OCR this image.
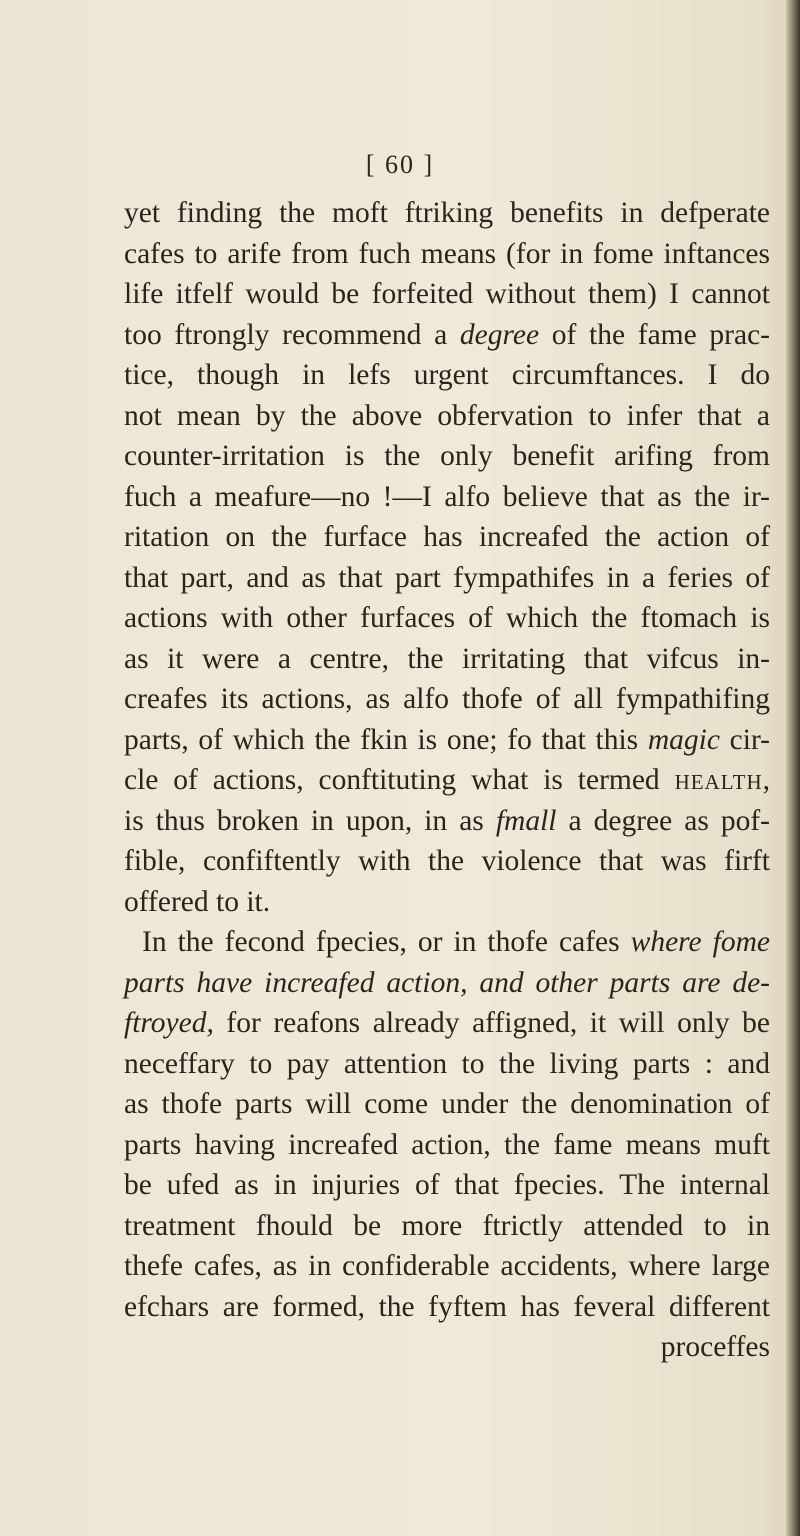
[ 60 ]
yet finding the moft ftriking benefits in defperate
cafes to arife from fuch means (for in fome inftances
life itfelf would be forfeited without them) I cannot
too ftrongly recommend a degree of the fame prac-
tice, though in lefs urgent circumftances. I do
not mean by the above obfervation to infer that a
counter-irritation is the only benefit arifing from
fuch a meafure—no !—I alfo believe that as the ir-
ritation on the furface has increafed the action of
that part, and as that part fympathifes in a feries of
actions with other furfaces of which the ftomach is
as it were a centre, the irritating that vifcus in-
creafes its actions, as alfo thofe of all fympathifing
parts, of which the fkin is one; fo that this magic cir-
cle of actions, conftituting what is termed health,
is thus broken in upon, in as fmall a degree as pof-
fible, confiftently with the violence that was firft
offered to it.
In the fecond fpecies, or in thofe cafes where fome
parts have increafed action, and other parts are de-
ftroyed, for reafons already affigned, it will only be
neceffary to pay attention to the living parts : and
as thofe parts will come under the denomination of
parts having increafed action, the fame means muft
be ufed as in injuries of that fpecies. The internal
treatment fhould be more ftrictly attended to in
thefe cafes, as in confiderable accidents, where large
efchars are formed, the fyftem has feveral different
proceffes
